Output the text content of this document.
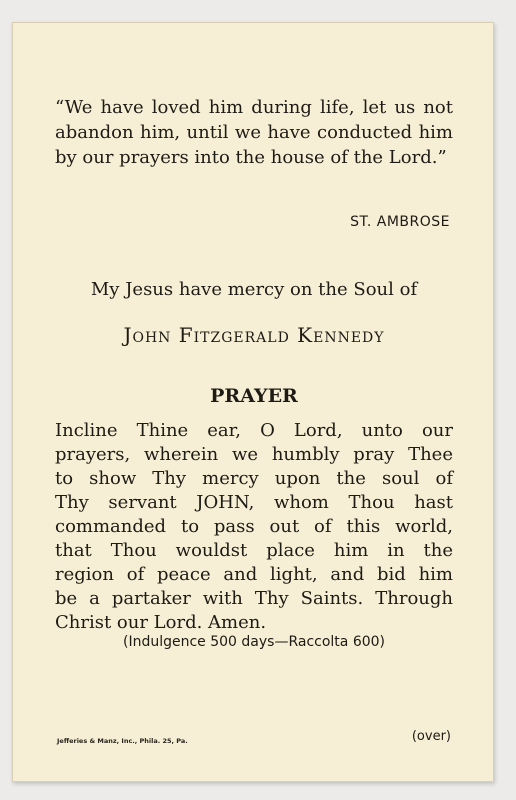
“We have loved him during life, let us not abandon him, until we have conducted him by our prayers into the house of the Lord.”
ST. AMBROSE
My Jesus have mercy on the Soul of
John Fitzgerald Kennedy
PRAYER
Incline Thine ear, O Lord, unto our
prayers, wherein we humbly pray Thee
to show Thy mercy upon the soul of
Thy servant JOHN, whom Thou hast
commanded to pass out of this world,
that Thou wouldst place him in the
region of peace and light, and bid him
be a partaker with Thy Saints. Through
Christ our Lord. Amen.
(Indulgence 500 days—Raccolta 600)
Jefferies & Manz, Inc., Phila. 25, Pa.	(over)
